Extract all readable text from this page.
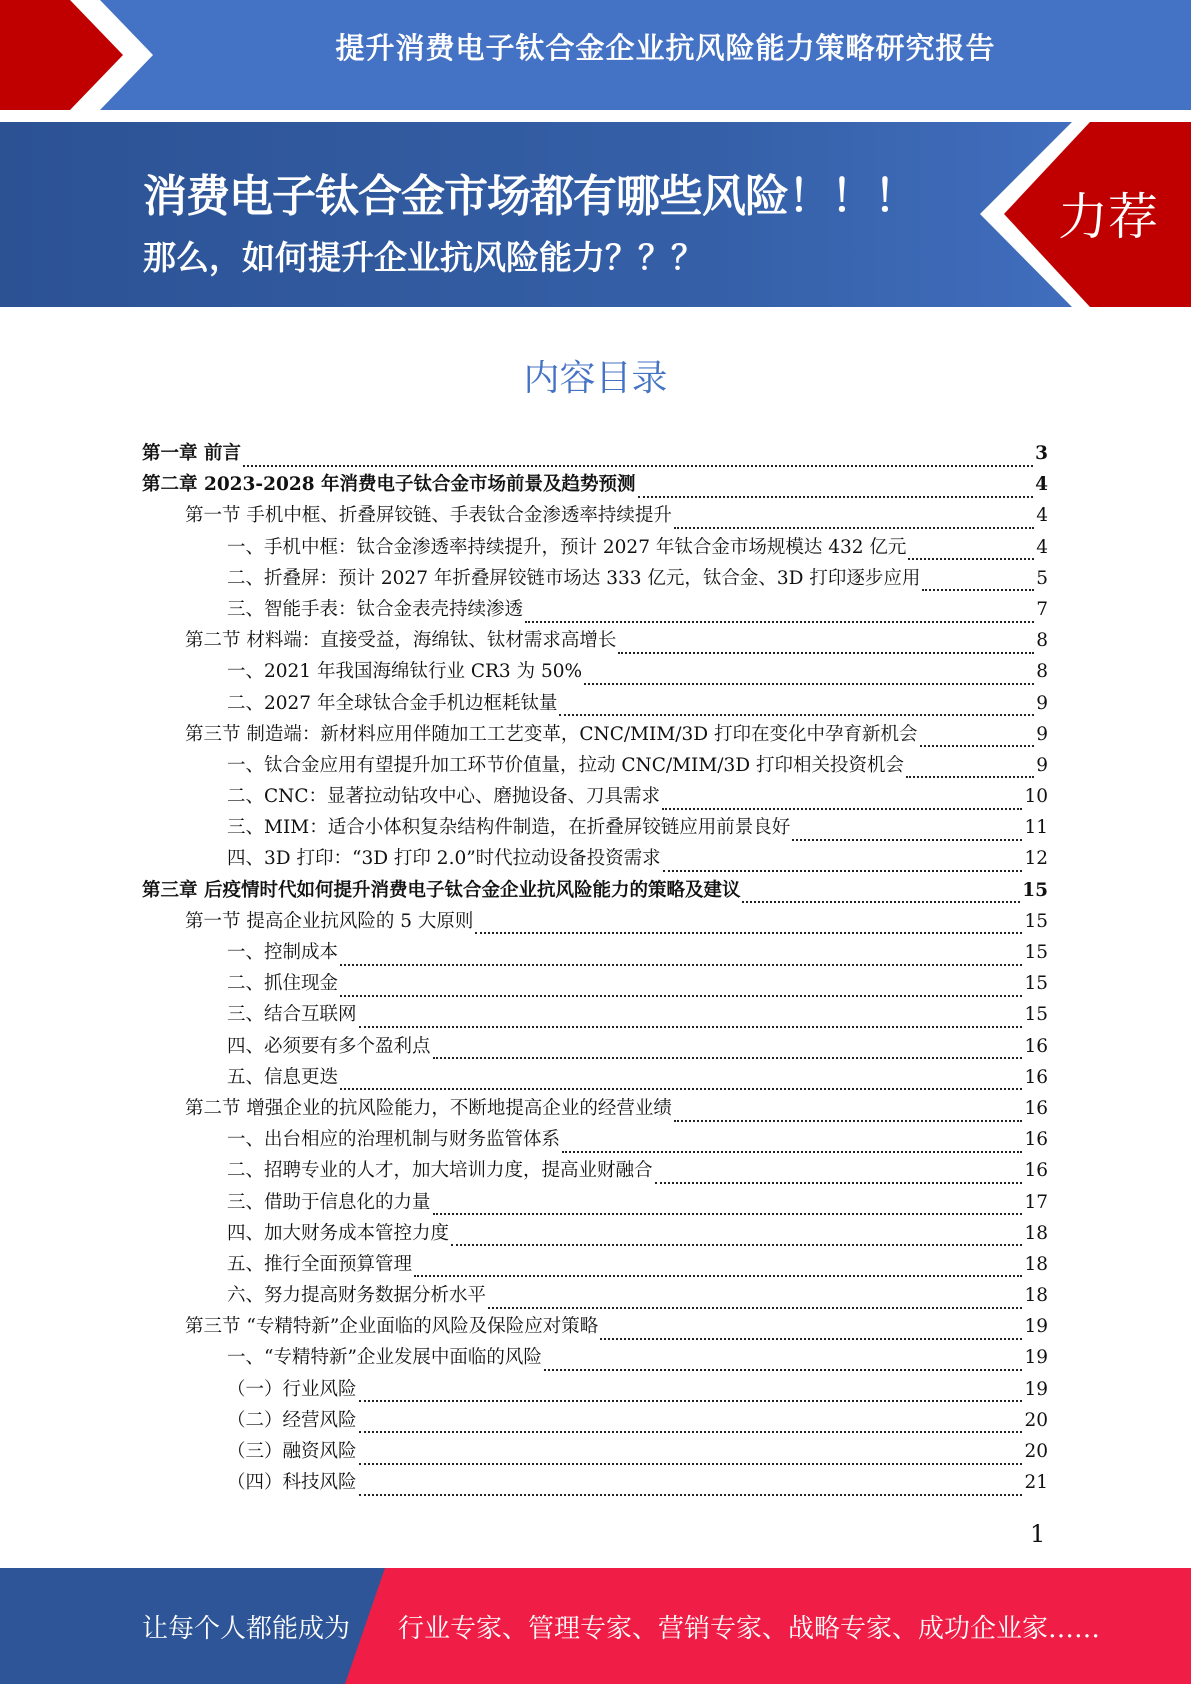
提升消费电子钛合金企业抗风险能力策略研究报告
消费电子钛合金市场都有哪些风险！！！
那么，如何提升企业抗风险能力？？？
力荐
内容目录
第一章 前言	3
第二章 2023-2028 年消费电子钛合金市场前景及趋势预测	4
第一节 手机中框、折叠屏铰链、手表钛合金渗透率持续提升	4
一、手机中框：钛合金渗透率持续提升，预计 2027 年钛合金市场规模达 432 亿元	4
二、折叠屏：预计 2027 年折叠屏铰链市场达 333 亿元，钛合金、3D 打印逐步应用	5
三、智能手表：钛合金表壳持续渗透	7
第二节 材料端：直接受益，海绵钛、钛材需求高增长	8
一、2021 年我国海绵钛行业 CR3 为 50%	8
二、2027 年全球钛合金手机边框耗钛量	9
第三节 制造端：新材料应用伴随加工工艺变革，CNC/MIM/3D 打印在变化中孕育新机会	9
一、钛合金应用有望提升加工环节价值量，拉动 CNC/MIM/3D 打印相关投资机会	9
二、CNC：显著拉动钻攻中心、磨抛设备、刀具需求	10
三、MIM：适合小体积复杂结构件制造，在折叠屏铰链应用前景良好	11
四、3D 打印：“3D 打印 2.0”时代拉动设备投资需求	12
第三章 后疫情时代如何提升消费电子钛合金企业抗风险能力的策略及建议	15
第一节 提高企业抗风险的 5 大原则	15
一、控制成本	15
二、抓住现金	15
三、结合互联网	15
四、必须要有多个盈利点	16
五、信息更迭	16
第二节 增强企业的抗风险能力，不断地提高企业的经营业绩	16
一、出台相应的治理机制与财务监管体系	16
二、招聘专业的人才，加大培训力度，提高业财融合	16
三、借助于信息化的力量	17
四、加大财务成本管控力度	18
五、推行全面预算管理	18
六、努力提高财务数据分析水平	18
第三节 “专精特新”企业面临的风险及保险应对策略	19
一、“专精特新”企业发展中面临的风险	19
（一）行业风险	19
（二）经营风险	20
（三）融资风险	20
（四）科技风险	21
1
让每个人都能成为 行业专家、管理专家、营销专家、战略专家、成功企业家……
